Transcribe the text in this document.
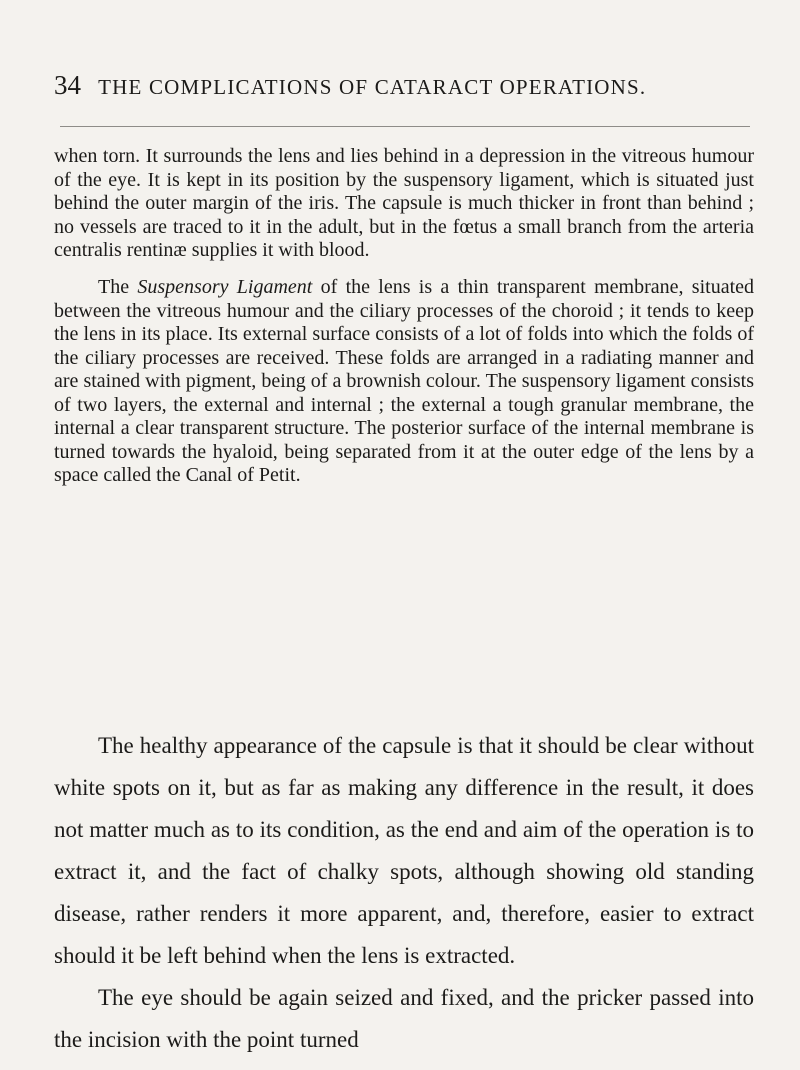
34 THE COMPLICATIONS OF CATARACT OPERATIONS.

when torn. It surrounds the lens and lies behind in a depression in the vitreous humour of the eye. It is kept in its position by the suspensory ligament, which is situated just behind the outer margin of the iris. The capsule is much thicker in front than behind ; no vessels are traced to it in the adult, but in the fœtus a small branch from the arteria centralis rentinæ supplies it with blood.

The Suspensory Ligament of the lens is a thin transparent membrane, situated between the vitreous humour and the ciliary processes of the choroid ; it tends to keep the lens in its place. Its external surface consists of a lot of folds into which the folds of the ciliary processes are received. These folds are arranged in a radiating manner and are stained with pigment, being of a brownish colour. The suspensory ligament consists of two layers, the external and internal ; the external a tough granular membrane, the internal a clear transparent structure. The posterior surface of the internal membrane is turned towards the hyaloid, being separated from it at the outer edge of the lens by a space called the Canal of Petit.

The healthy appearance of the capsule is that it should be clear without white spots on it, but as far as making any difference in the result, it does not matter much as to its condition, as the end and aim of the operation is to extract it, and the fact of chalky spots, although showing old standing disease, rather renders it more apparent, and, therefore, easier to extract should it be left behind when the lens is extracted.

The eye should be again seized and fixed, and the pricker passed into the incision with the point turned
